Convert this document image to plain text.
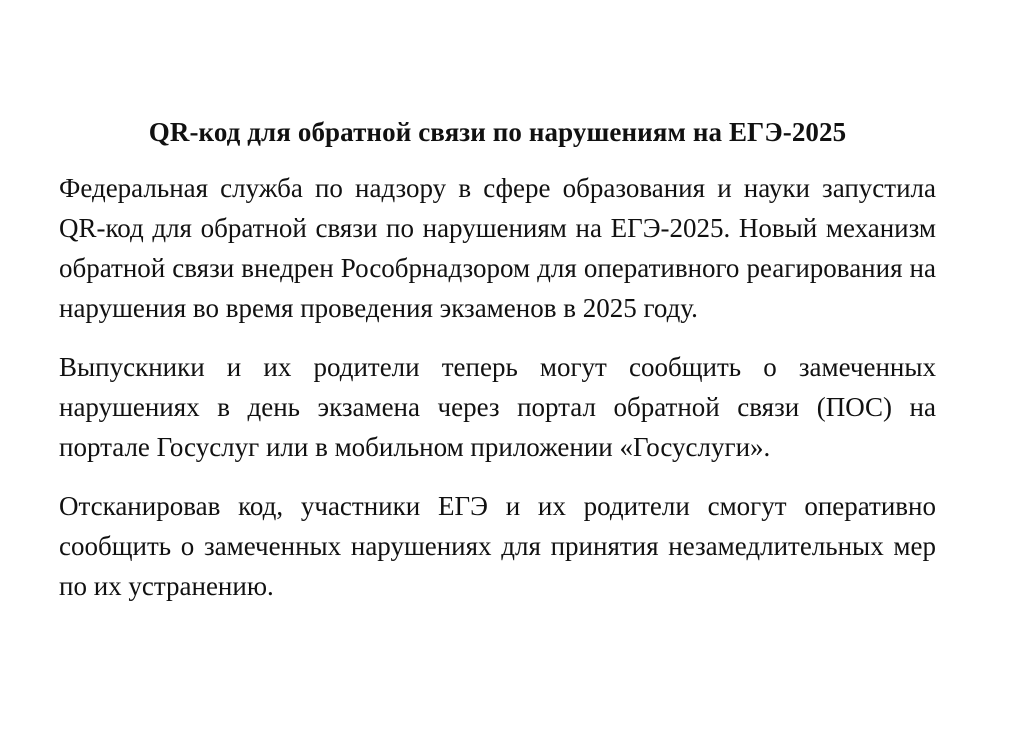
QR-код для обратной связи по нарушениям на ЕГЭ-2025

Федеральная служба по надзору в сфере образования и науки запустила QR-код для обратной связи по нарушениям на ЕГЭ-2025. Новый механизм обратной связи внедрен Рособрнадзором для оперативного реагирования на нарушения во время проведения экзаменов в 2025 году.

Выпускники и их родители теперь могут сообщить о замеченных нарушениях в день экзамена через портал обратной связи (ПОС) на портале Госуслуг или в мобильном приложении «Госуслуги».

Отсканировав код, участники ЕГЭ и их родители смогут оперативно сообщить о замеченных нарушениях для принятия незамедлительных мер по их устранению.
